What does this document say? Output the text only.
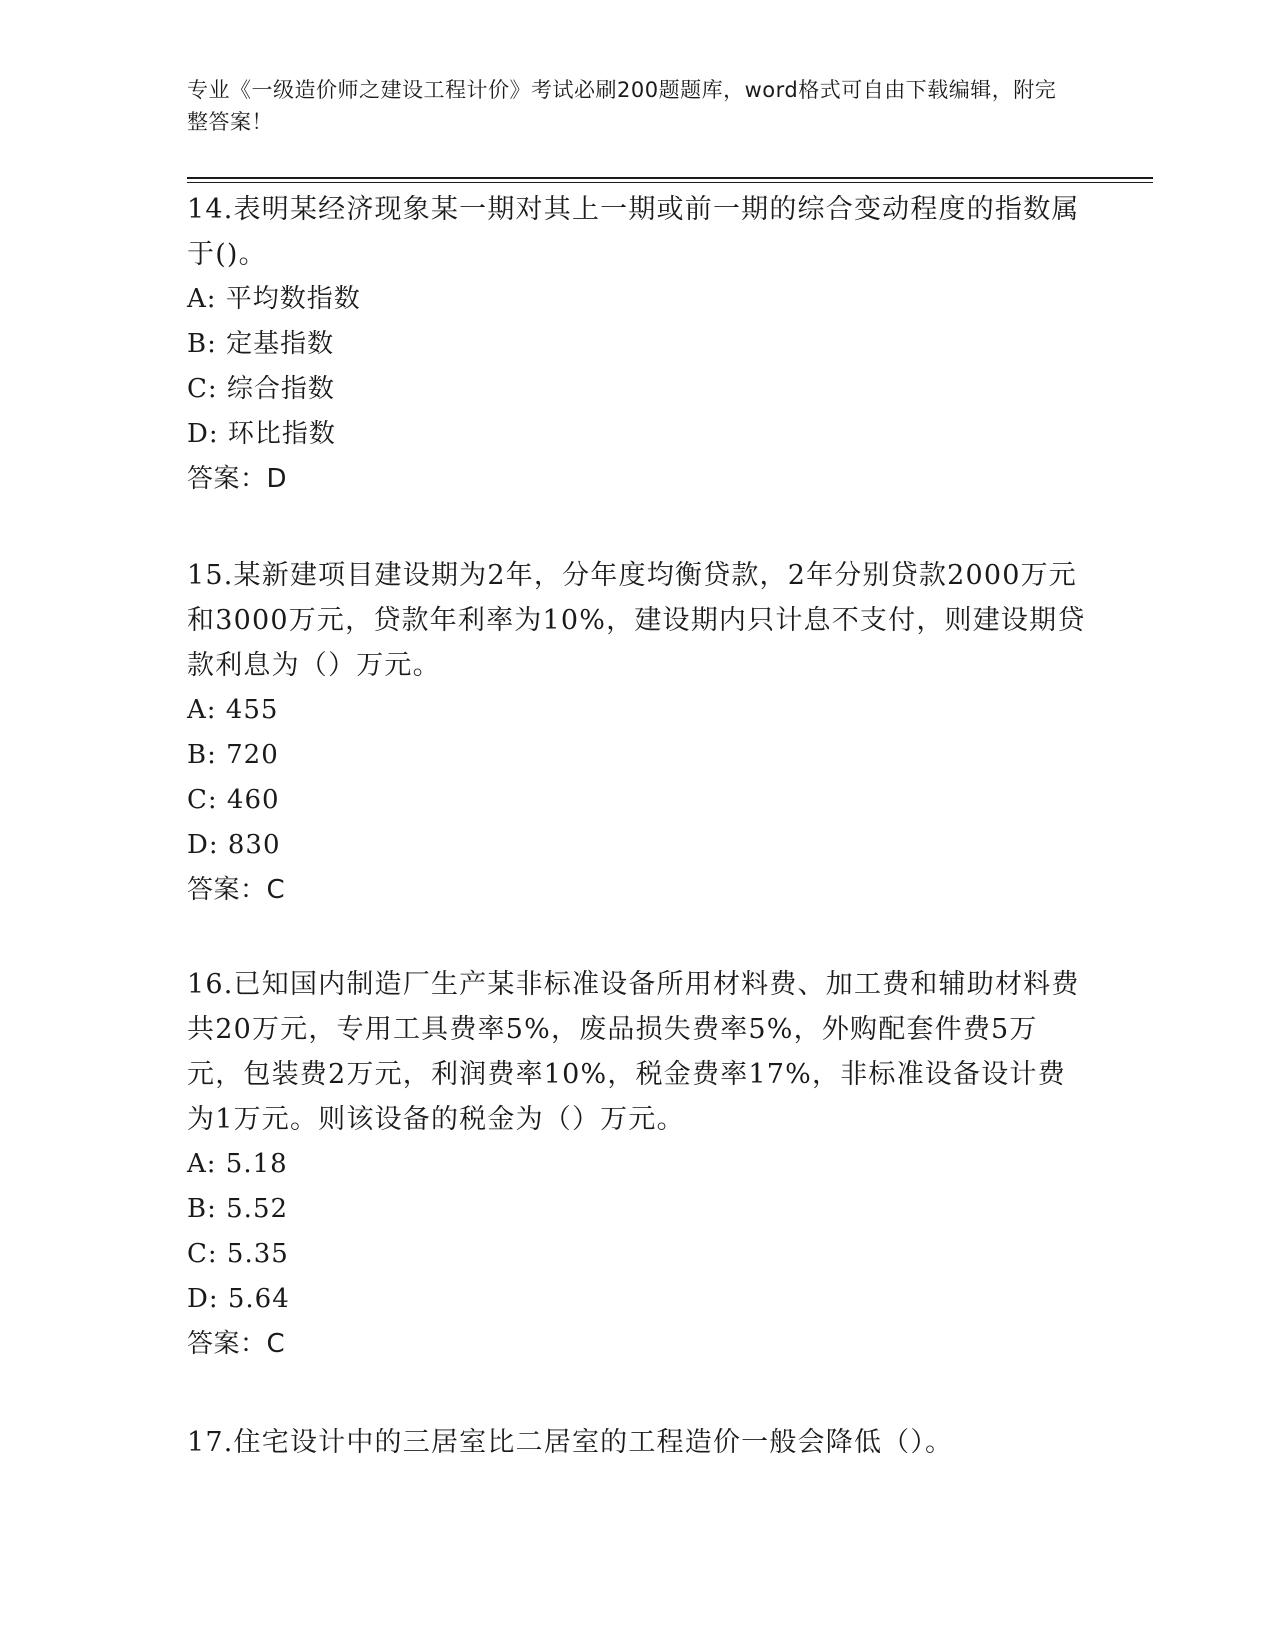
专业《一级造价师之建设工程计价》考试必刷200题题库，word格式可自由下载编辑，附完整答案！

14.表明某经济现象某一期对其上一期或前一期的综合变动程度的指数属于()。

A: 平均数指数

B: 定基指数

C: 综合指数

D: 环比指数

答案：D

15.某新建项目建设期为2年，分年度均衡贷款，2年分别贷款2000万元和3000万元，贷款年利率为10%，建设期内只计息不支付，则建设期贷款利息为（）万元。

A: 455

B: 720

C: 460

D: 830

答案：C

16.已知国内制造厂生产某非标准设备所用材料费、加工费和辅助材料费共20万元，专用工具费率5%，废品损失费率5%，外购配套件费5万元，包装费2万元，利润费率10%，税金费率17%，非标准设备设计费为1万元。则该设备的税金为（）万元。

A: 5.18

B: 5.52

C: 5.35

D: 5.64

答案：C

17.住宅设计中的三居室比二居室的工程造价一般会降低（）。
